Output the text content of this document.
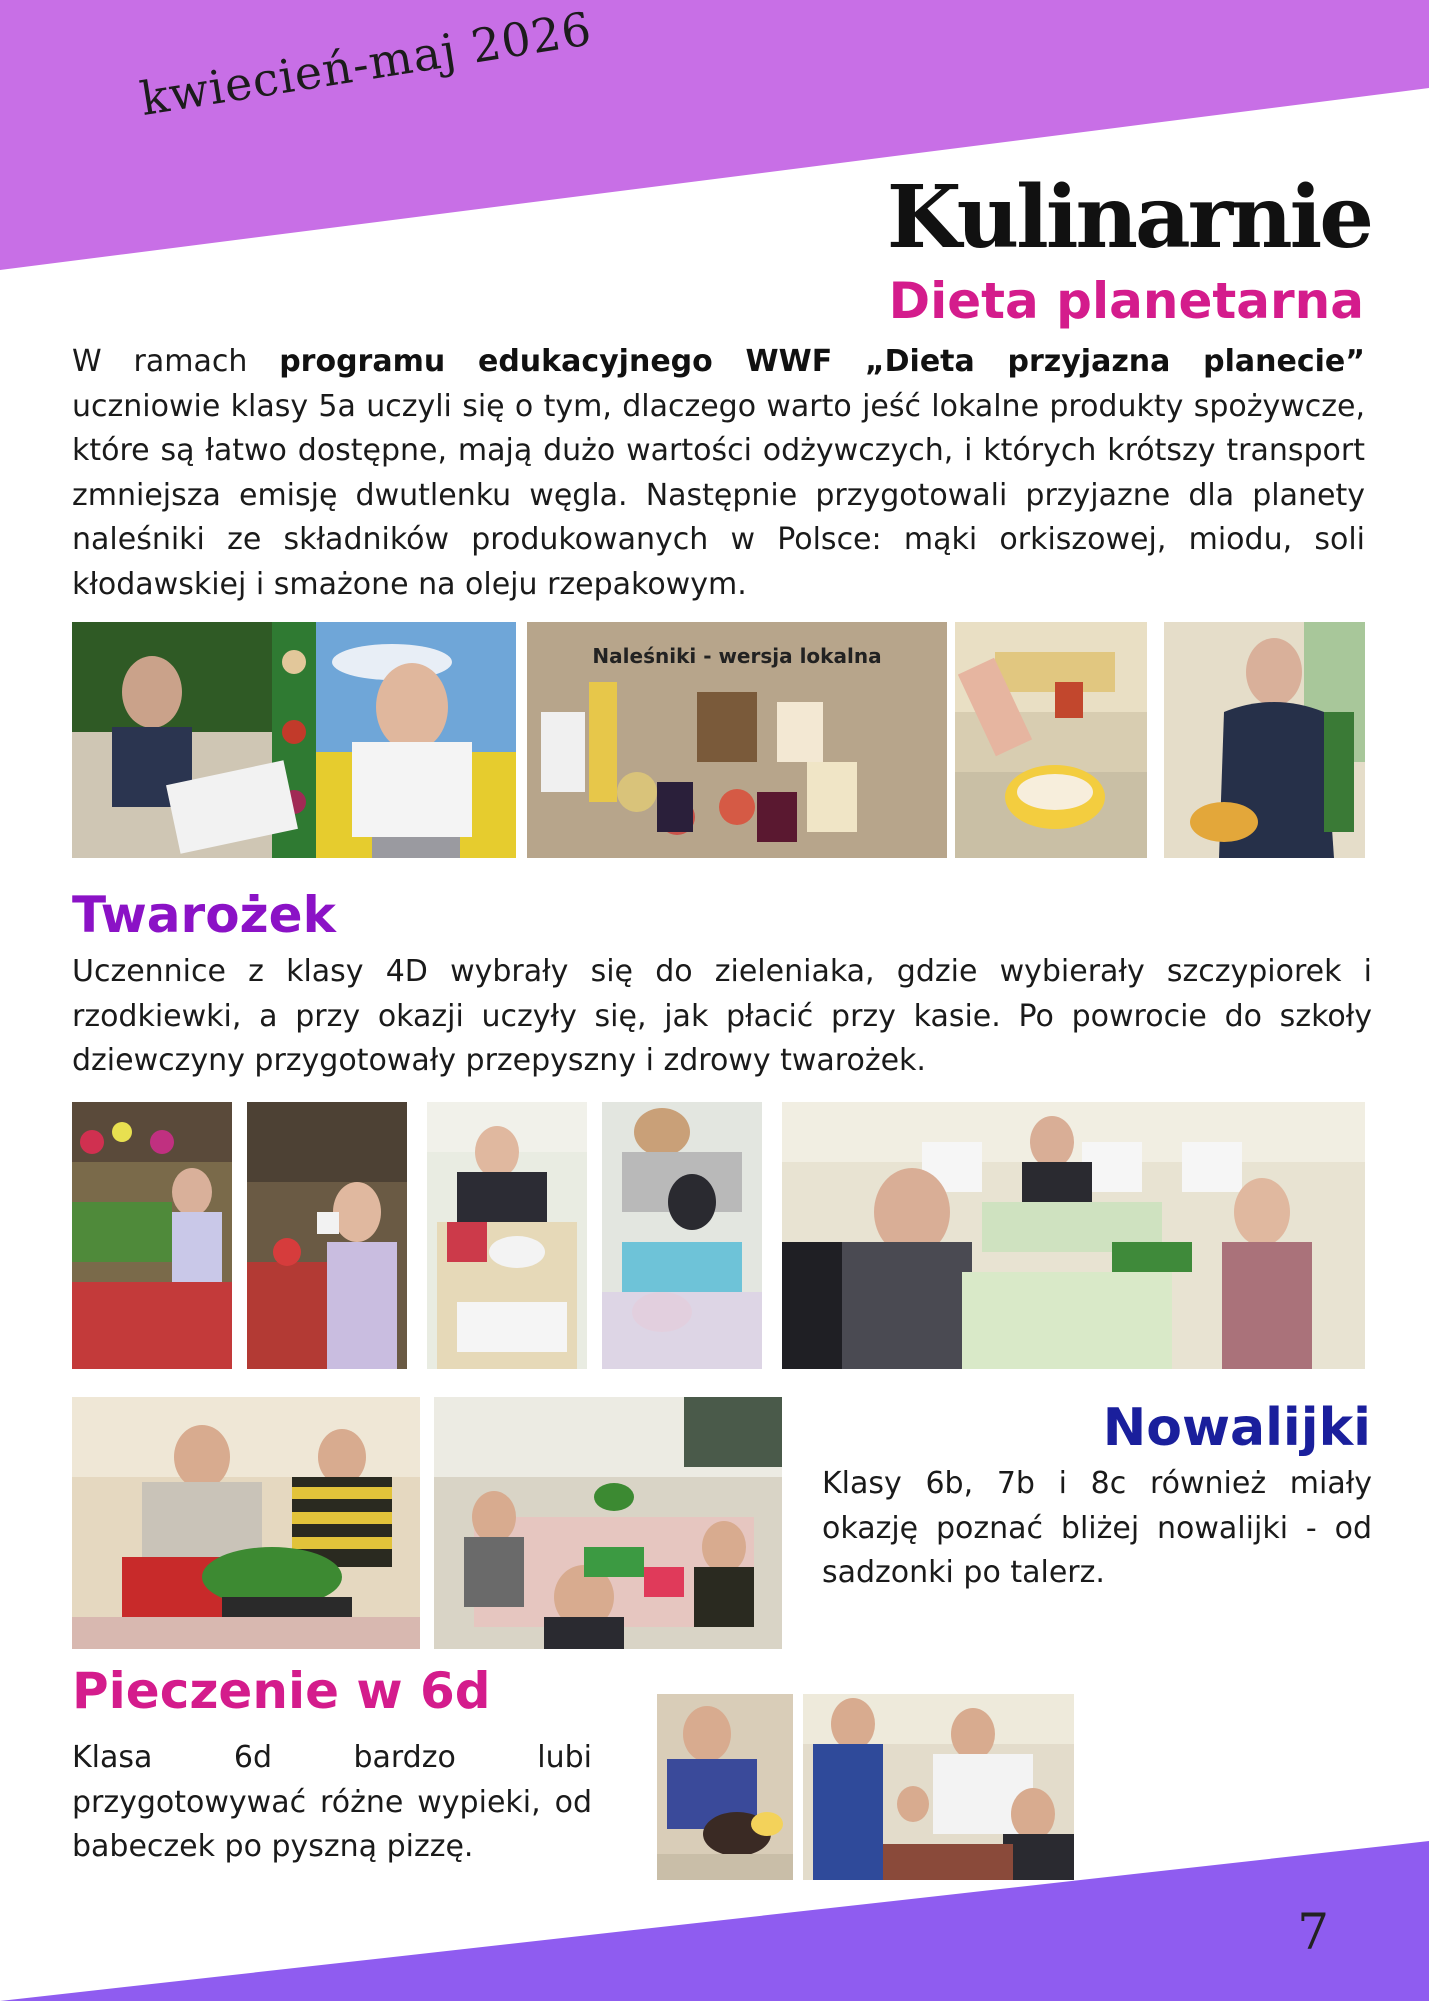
kwiecień-maj 2026
Kulinarnie
Dieta planetarna

W ramach programu edukacyjnego WWF „Dieta przyjazna planecie” uczniowie klasy 5a uczyli się o tym, dlaczego warto jeść lokalne produkty spożywcze, które są łatwo dostępne, mają dużo wartości odżywczych, i których krótszy transport zmniejsza emisję dwutlenku węgla. Następnie przygotowali przyjazne dla planety naleśniki ze składników produkowanych w Polsce: mąki orkiszowej, miodu, soli kłodawskiej i smażone na oleju rzepakowym.

Naleśniki - wersja lokalna
Twarożek

Uczennice z klasy 4D wybrały się do zieleniaka, gdzie wybierały szczypiorek i rzodkiewki, a przy okazji uczyły się, jak płacić przy kasie. Po powrocie do szkoły dziewczyny przygotowały przepyszny i zdrowy twarożek.

Nowalijki

Klasy 6b, 7b i 8c również miały okazję poznać bliżej nowalijki - od sadzonki po talerz.

Pieczenie w 6d

Klasa 6d bardzo lubi przygotowywać różne wypieki, od babeczek po pyszną pizzę.

7
